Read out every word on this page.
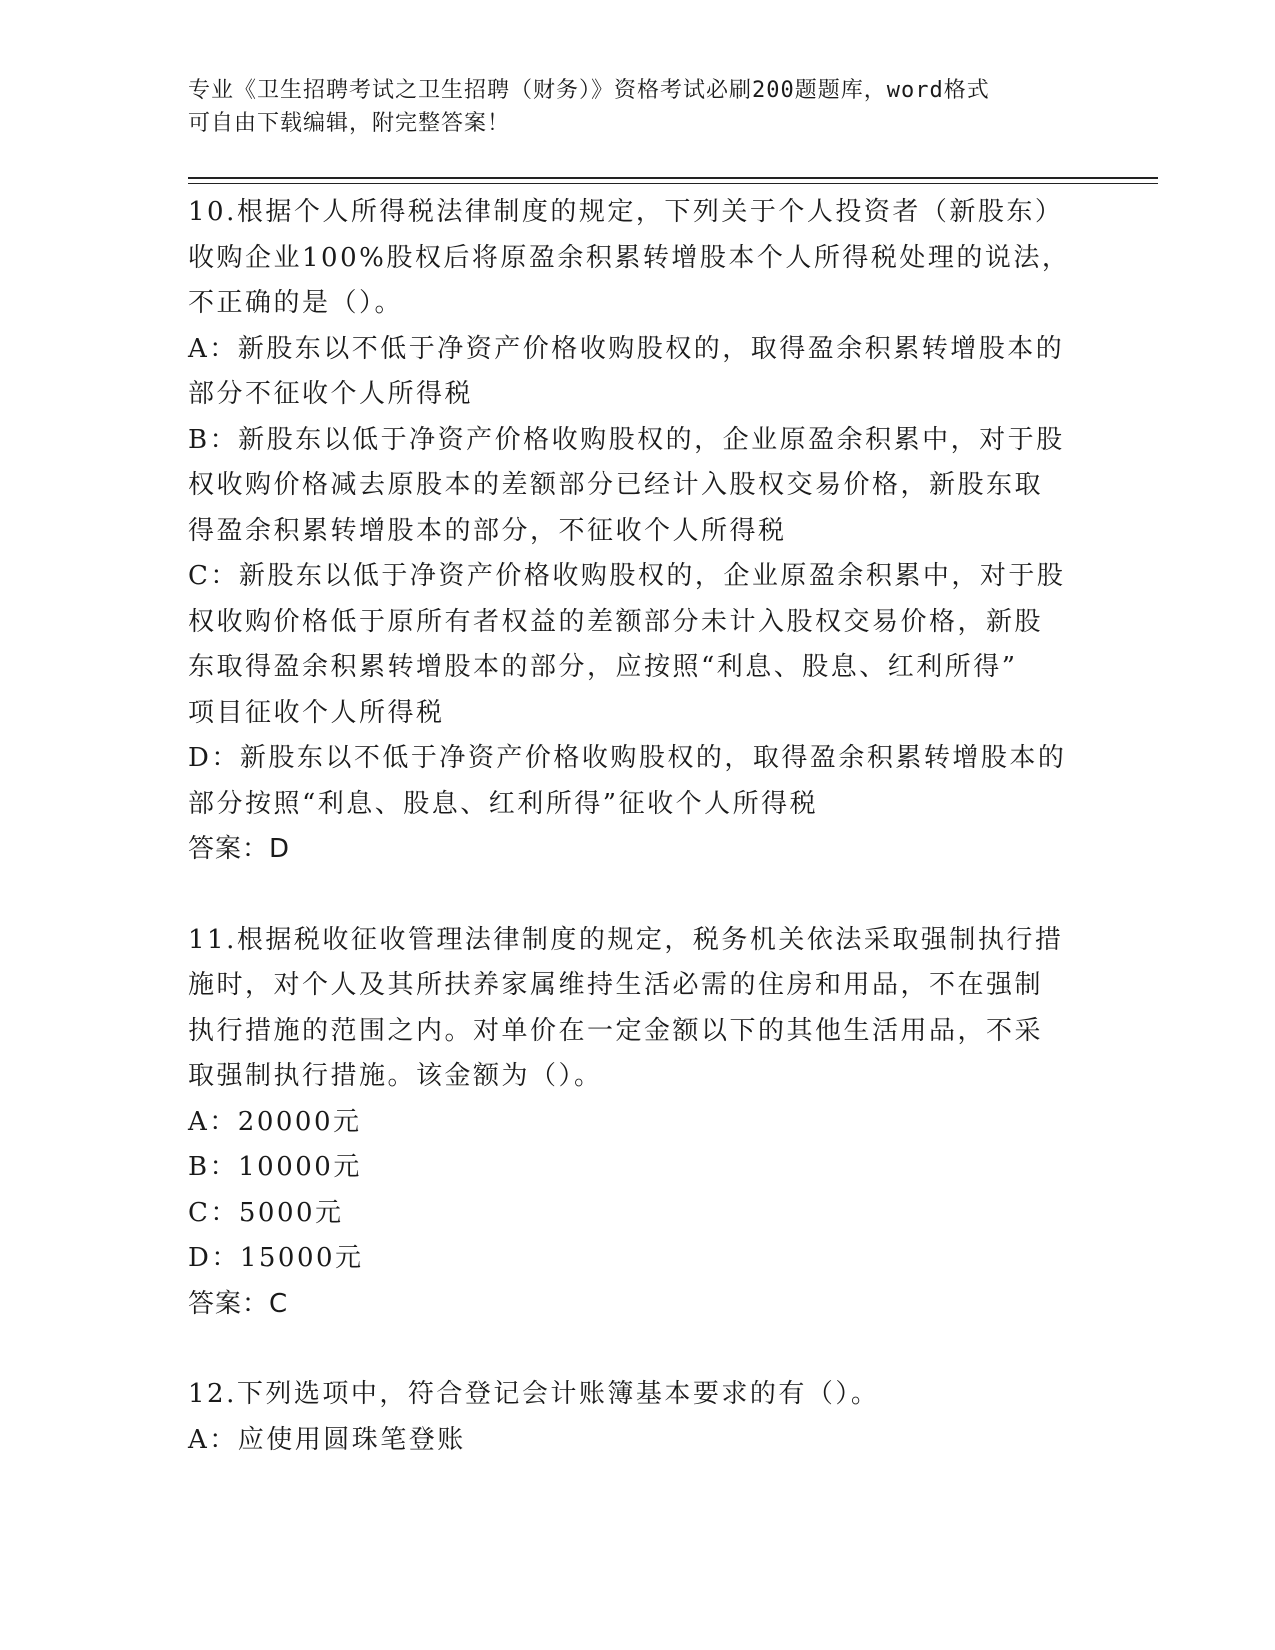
专业《卫生招聘考试之卫生招聘（财务）》资格考试必刷200题题库，word格式
可自由下载编辑，附完整答案！
10.根据个人所得税法律制度的规定，下列关于个人投资者（新股东）
收购企业100%股权后将原盈余积累转增股本个人所得税处理的说法，
不正确的是（）。
A：新股东以不低于净资产价格收购股权的，取得盈余积累转增股本的
部分不征收个人所得税
B：新股东以低于净资产价格收购股权的，企业原盈余积累中，对于股
权收购价格减去原股本的差额部分已经计入股权交易价格，新股东取
得盈余积累转增股本的部分，不征收个人所得税
C：新股东以低于净资产价格收购股权的，企业原盈余积累中，对于股
权收购价格低于原所有者权益的差额部分未计入股权交易价格，新股
东取得盈余积累转增股本的部分，应按照“利息、股息、红利所得”
项目征收个人所得税
D：新股东以不低于净资产价格收购股权的，取得盈余积累转增股本的
部分按照“利息、股息、红利所得”征收个人所得税
答案：D
11.根据税收征收管理法律制度的规定，税务机关依法采取强制执行措
施时，对个人及其所扶养家属维持生活必需的住房和用品，不在强制
执行措施的范围之内。对单价在一定金额以下的其他生活用品，不采
取强制执行措施。该金额为（）。
A：20000元
B：10000元
C：5000元
D：15000元
答案：C
12.下列选项中，符合登记会计账簿基本要求的有（）。
A：应使用圆珠笔登账
